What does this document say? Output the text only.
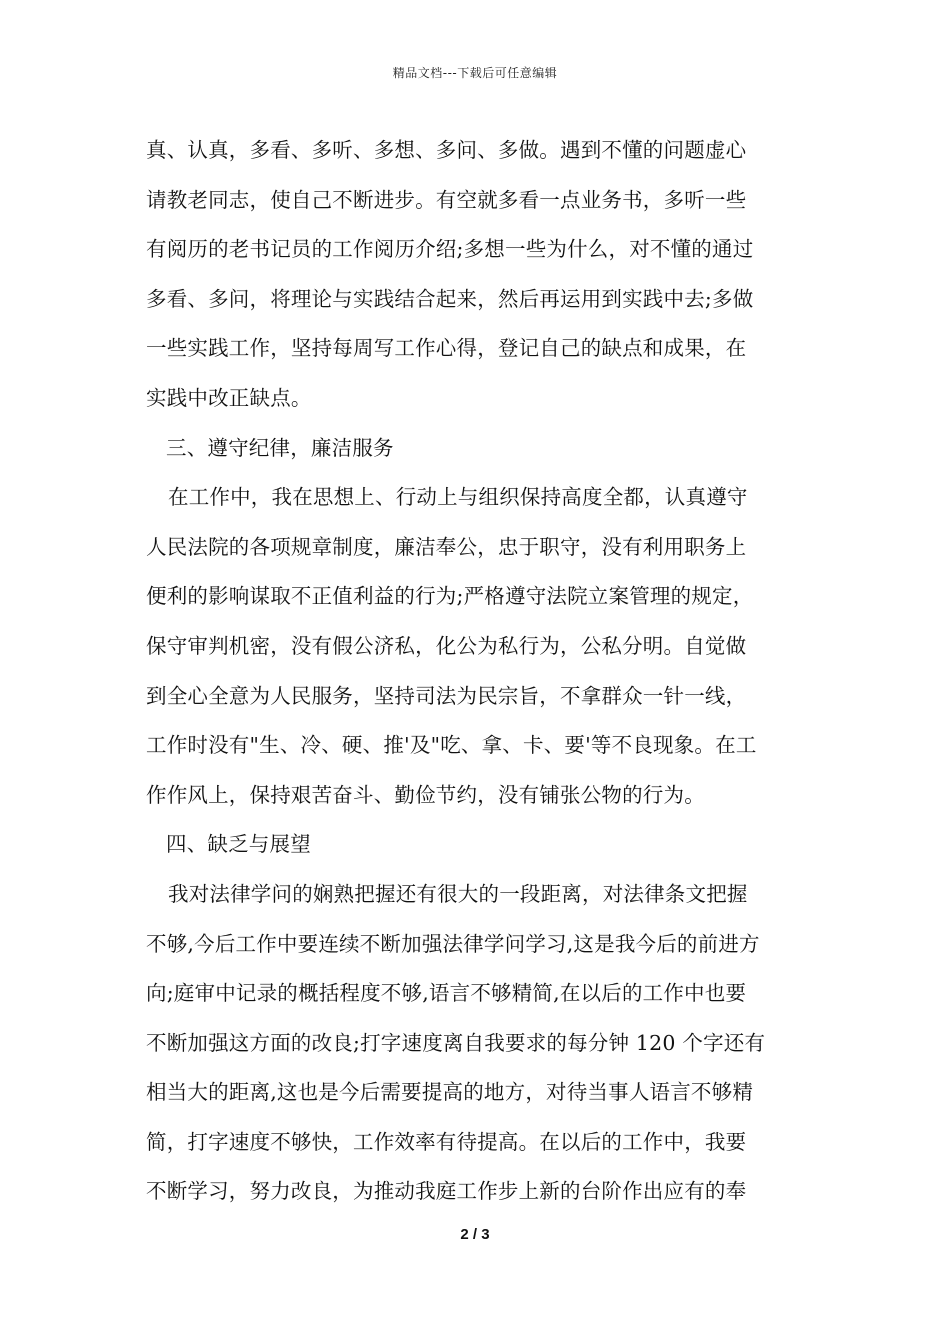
精品文档---下载后可任意编辑
真、认真，多看、多听、多想、多问、多做。遇到不懂的问题虚心
请教老同志，使自己不断进步。有空就多看一点业务书，多听一些
有阅历的老书记员的工作阅历介绍;多想一些为什么，对不懂的通过
多看、多问，将理论与实践结合起来，然后再运用到实践中去;多做
一些实践工作，坚持每周写工作心得，登记自己的缺点和成果，在
实践中改正缺点。
三、遵守纪律，廉洁服务
在工作中，我在思想上、行动上与组织保持高度全都，认真遵守
人民法院的各项规章制度，廉洁奉公，忠于职守，没有利用职务上
便利的影响谋取不正值利益的行为;严格遵守法院立案管理的规定，
保守审判机密，没有假公济私，化公为私行为，公私分明。自觉做
到全心全意为人民服务，坚持司法为民宗旨，不拿群众一针一线，
工作时没有"生、冷、硬、推'及"吃、拿、卡、要'等不良现象。在工
作作风上，保持艰苦奋斗、勤俭节约，没有铺张公物的行为。
四、缺乏与展望
我对法律学问的娴熟把握还有很大的一段距离，对法律条文把握
不够,今后工作中要连续不断加强法律学问学习,这是我今后的前进方
向;庭审中记录的概括程度不够,语言不够精简,在以后的工作中也要
不断加强这方面的改良;打字速度离自我要求的每分钟 120 个字还有
相当大的距离,这也是今后需要提高的地方，对待当事人语言不够精
简，打字速度不够快，工作效率有待提高。在以后的工作中，我要
不断学习，努力改良，为推动我庭工作步上新的台阶作出应有的奉
2 / 3
